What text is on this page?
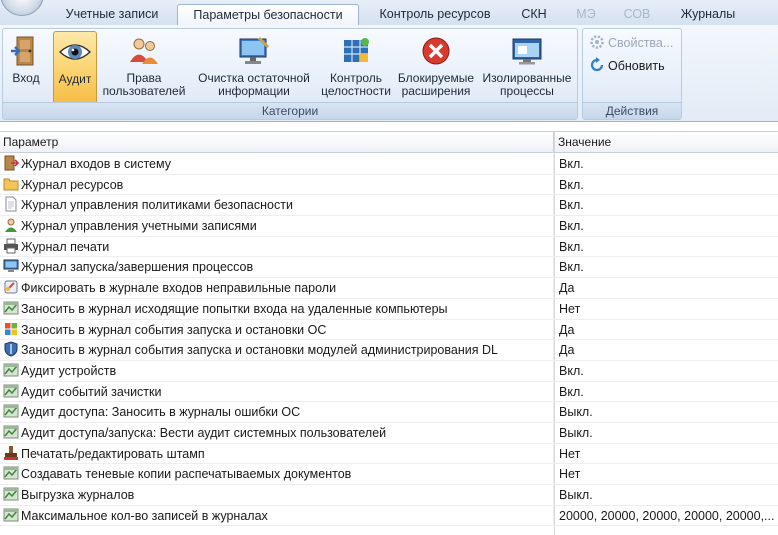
Учетные записи	Параметры безопасности	Контроль ресурсов	СКН	МЭ	СОВ	Журналы
Вход	Аудит	Права пользователей
Очистка остаточной информации
Контроль целостности
Блокируемые расширения
Изолированные процессы
Категории
Свойства...
Обновить
Действия
Параметр	Значение
Журнал входов в систему	Вкл.
Журнал ресурсов	Вкл.
Журнал управления политиками безопасности	Вкл.
Журнал управления учетными записями	Вкл.
Журнал печати	Вкл.
Журнал запуска/завершения процессов	Вкл.
Фиксировать в журнале входов неправильные пароли	Да
Заносить в журнал исходящие попытки входа на удаленные компьютеры	Нет
Заносить в журнал события запуска и остановки ОС	Да
Заносить в журнал события запуска и остановки модулей администрирования DL	Да
Аудит устройств	Вкл.
Аудит событий зачистки	Вкл.
Аудит доступа: Заносить в журналы ошибки ОС	Выкл.
Аудит доступа/запуска: Вести аудит системных пользователей	Выкл.
Печатать/редактировать штамп	Нет
Создавать теневые копии распечатываемых документов	Нет
Выгрузка журналов	Выкл.
Максимальное кол-во записей в журналах	20000, 20000, 20000, 20000, 20000,...
